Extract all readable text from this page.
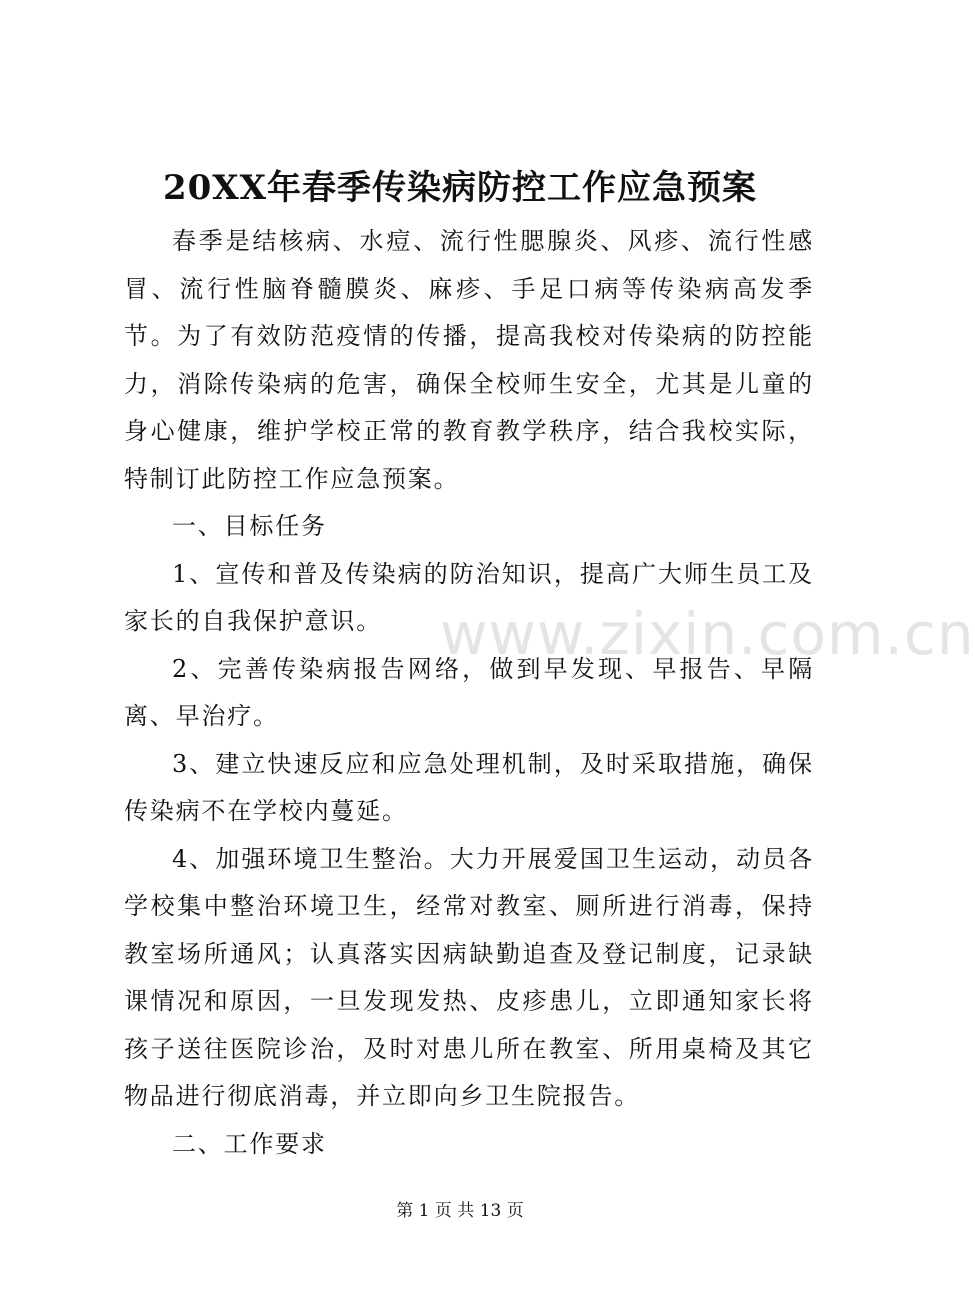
www.zixin.com.cn
20XX年春季传染病防控工作应急预案

春季是结核病、水痘、流行性腮腺炎、风疹、流行性感冒、流行性脑脊髓膜炎、麻疹、手足口病等传染病高发季节。为了有效防范疫情的传播，提高我校对传染病的防控能力，消除传染病的危害，确保全校师生安全，尤其是儿童的身心健康，维护学校正常的教育教学秩序，结合我校实际，特制订此防控工作应急预案。

一、目标任务

1、宣传和普及传染病的防治知识，提高广大师生员工及家长的自我保护意识。

2、完善传染病报告网络，做到早发现、早报告、早隔离、早治疗。

3、建立快速反应和应急处理机制，及时采取措施，确保传染病不在学校内蔓延。

4、加强环境卫生整治。大力开展爱国卫生运动，动员各学校集中整治环境卫生，经常对教室、厕所进行消毒，保持教室场所通风；认真落实因病缺勤追查及登记制度，记录缺课情况和原因，一旦发现发热、皮疹患儿，立即通知家长将孩子送往医院诊治，及时对患儿所在教室、所用桌椅及其它物品进行彻底消毒，并立即向乡卫生院报告。

二、工作要求

第 1 页 共 13 页
